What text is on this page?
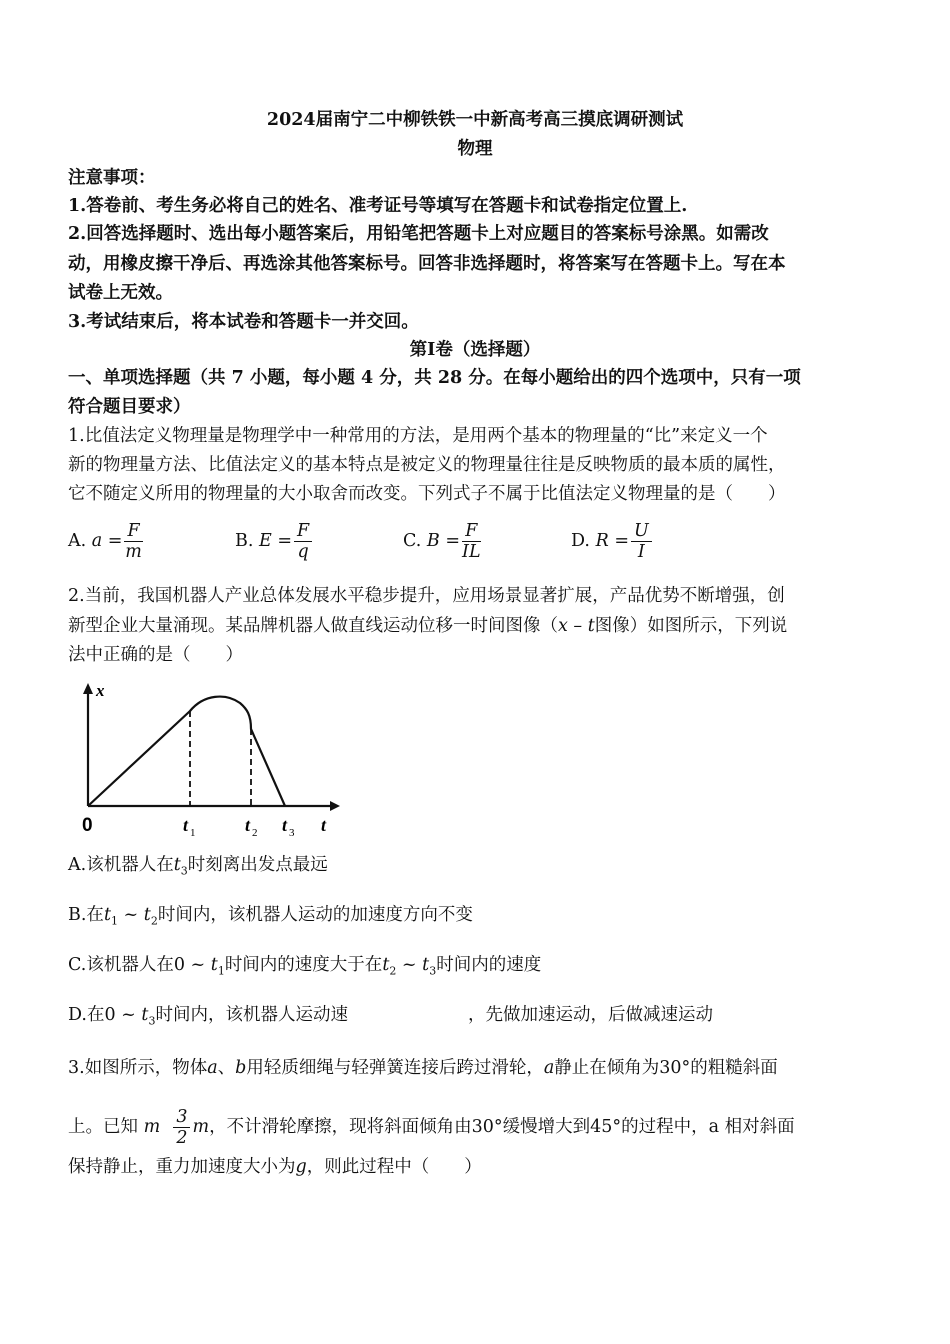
2024届南宁二中柳铁铁一中新高考高三摸底调研测试
物理
注意事项：
1.答卷前、考生务必将自己的姓名、准考证号等填写在答题卡和试卷指定位置上.
2.回答选择题时、选出每小题答案后，用铅笔把答题卡上对应题目的答案标号涂黑。如需改
动，用橡皮擦干净后、再选涂其他答案标号。回答非选择题时，将答案写在答题卡上。写在本
试卷上无效。
3.考试结束后，将本试卷和答题卡一并交回。
第Ⅰ卷（选择题）
一、单项选择题（共 7 小题，每小题 4 分，共 28 分。在每小题给出的四个选项中，只有一项
符合题目要求）
1.比值法定义物理量是物理学中一种常用的方法，是用两个基本的物理量的“比”来定义一个
新的物理量方法、比值法定义的基本特点是被定义的物理量往往是反映物质的最本质的属性，
它不随定义所用的物理量的大小取舍而改变。下列式子不属于比值法定义物理量的是（　　）
A.
$a = \frac{F}{m}$	B.
$E = \frac{F}{q}$	C.
$B = \frac{F}{IL}$	D.
$R = \frac{U}{I}$
2.当前，我国机器人产业总体发展水平稳步提升，应用场景显著扩展，产品优势不断增强，创
新型企业大量涌现。某品牌机器人做直线运动位移一时间图像（x – t图像）如图所示，下列说
法中正确的是（　　）
x
t
0	t 1	t 2 t 3
A.该机器人在$t_3$时刻离出发点最远
B.在$t_1$ ~ $t_2$时间内，该机器人运动的加速度方向不变
C.该机器人在0 ~ $t_1$时间内的速度大于在$t_2$ ~ $t_3$时间内的速度
D.在0 ~ $t_3$时间内，该机器人运动速	，先做加速运动，后做减速运动
3.如图所示，物体a、b用轻质细绳与轻弹簧连接后跨过滑轮，a静止在倾角为30°的粗糙斜面
上。已知
m
$\frac{3}{2}$ m ，不计滑轮摩擦，现将斜面倾角由30°缓慢增大到45°的过程中，a 相对斜面
保持静止，重力加速度大小为g，则此过程中（　　）
